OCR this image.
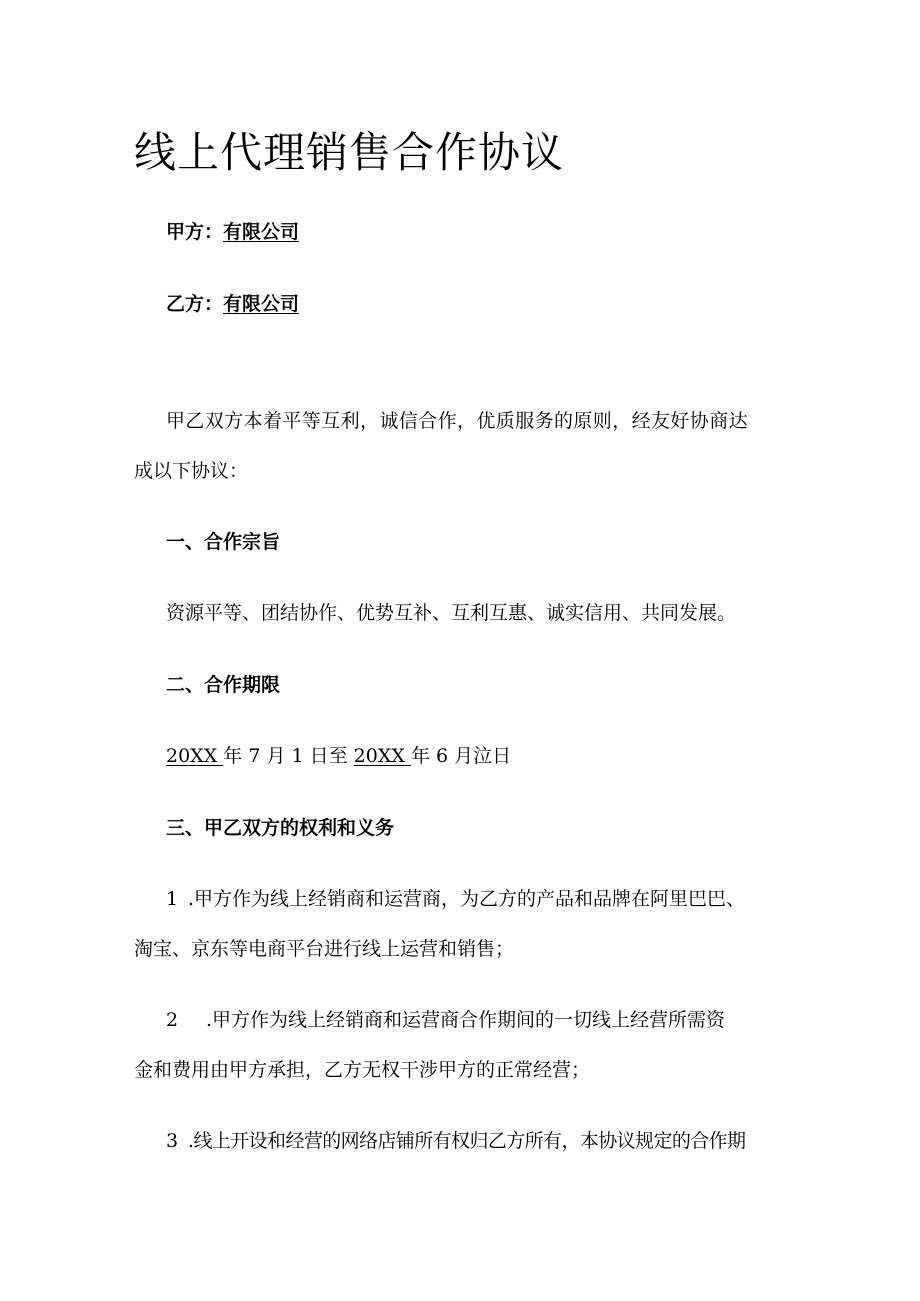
线上代理销售合作协议

甲方：有限公司

乙方：有限公司

甲乙双方本着平等互利，诚信合作，优质服务的原则，经友好协商达

成以下协议：

一、合作宗旨

资源平等、团结协作、优势互补、互利互惠、诚实信用、共同发展。

二、合作期限

20XX 年 7 月 1 日至 20XX 年 6 月泣日

三、甲乙双方的权利和义务

1 .甲方作为线上经销商和运营商，为乙方的产品和品牌在阿里巴巴、

淘宝、京东等电商平台进行线上运营和销售；

2 .甲方作为线上经销商和运营商合作期间的一切线上经营所需资

金和费用由甲方承担，乙方无权干涉甲方的正常经营；

3 .线上开设和经营的网络店铺所有权归乙方所有，本协议规定的合作期
